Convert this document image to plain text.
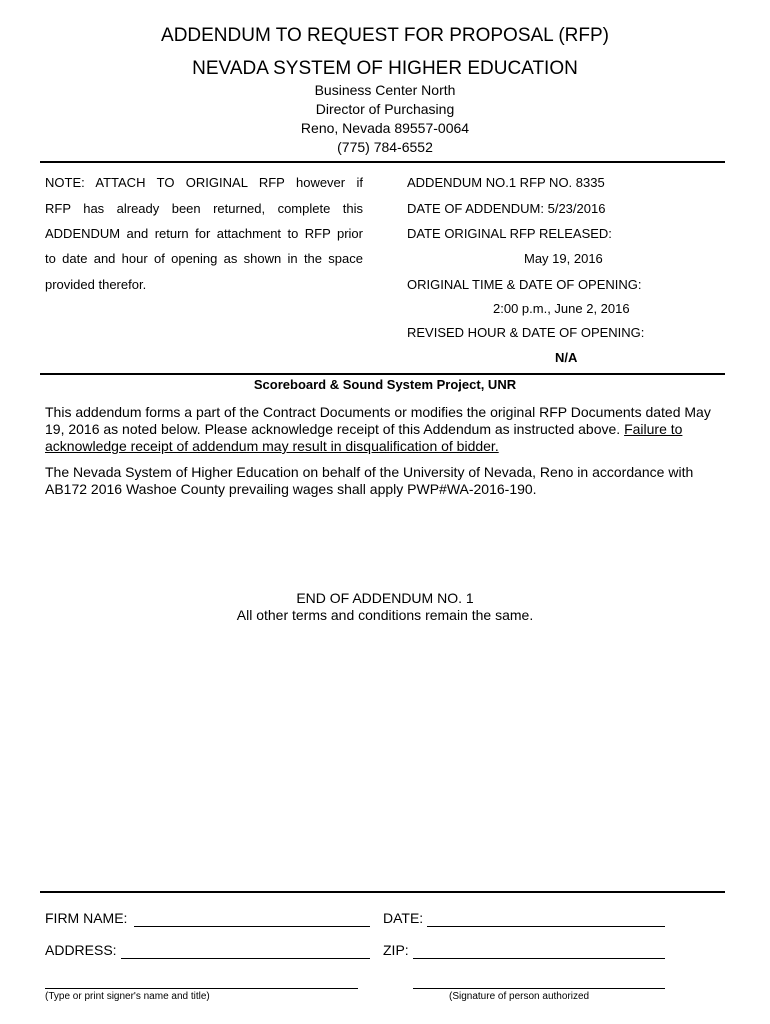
ADDENDUM TO REQUEST FOR PROPOSAL (RFP)
NEVADA SYSTEM OF HIGHER EDUCATION
Business Center North
Director of Purchasing
Reno, Nevada 89557-0064
(775) 784-6552
NOTE: ATTACH TO ORIGINAL RFP however if
RFP has already been returned, complete this
ADDENDUM and return for attachment to RFP prior
to date and hour of opening as shown in the space
provided therefor.
ADDENDUM NO.1 RFP NO. 8335
DATE OF ADDENDUM: 5/23/2016
DATE ORIGINAL RFP RELEASED:
May 19, 2016
ORIGINAL TIME & DATE OF OPENING:
2:00 p.m., June 2, 2016
REVISED HOUR & DATE OF OPENING:
N/A
Scoreboard & Sound System Project, UNR
This addendum forms a part of the Contract Documents or modifies the original RFP Documents dated May 19, 2016 as noted below. Please acknowledge receipt of this Addendum as instructed above. Failure to acknowledge receipt of addendum may result in disqualification of bidder.
The Nevada System of Higher Education on behalf of the University of Nevada, Reno in accordance with AB172 2016 Washoe County prevailing wages shall apply PWP#WA-2016-190.
END OF ADDENDUM NO. 1
All other terms and conditions remain the same.
FIRM NAME:	DATE:
ADDRESS:	ZIP:
(Type or print signer's name and title)	(Signature of person authorized
